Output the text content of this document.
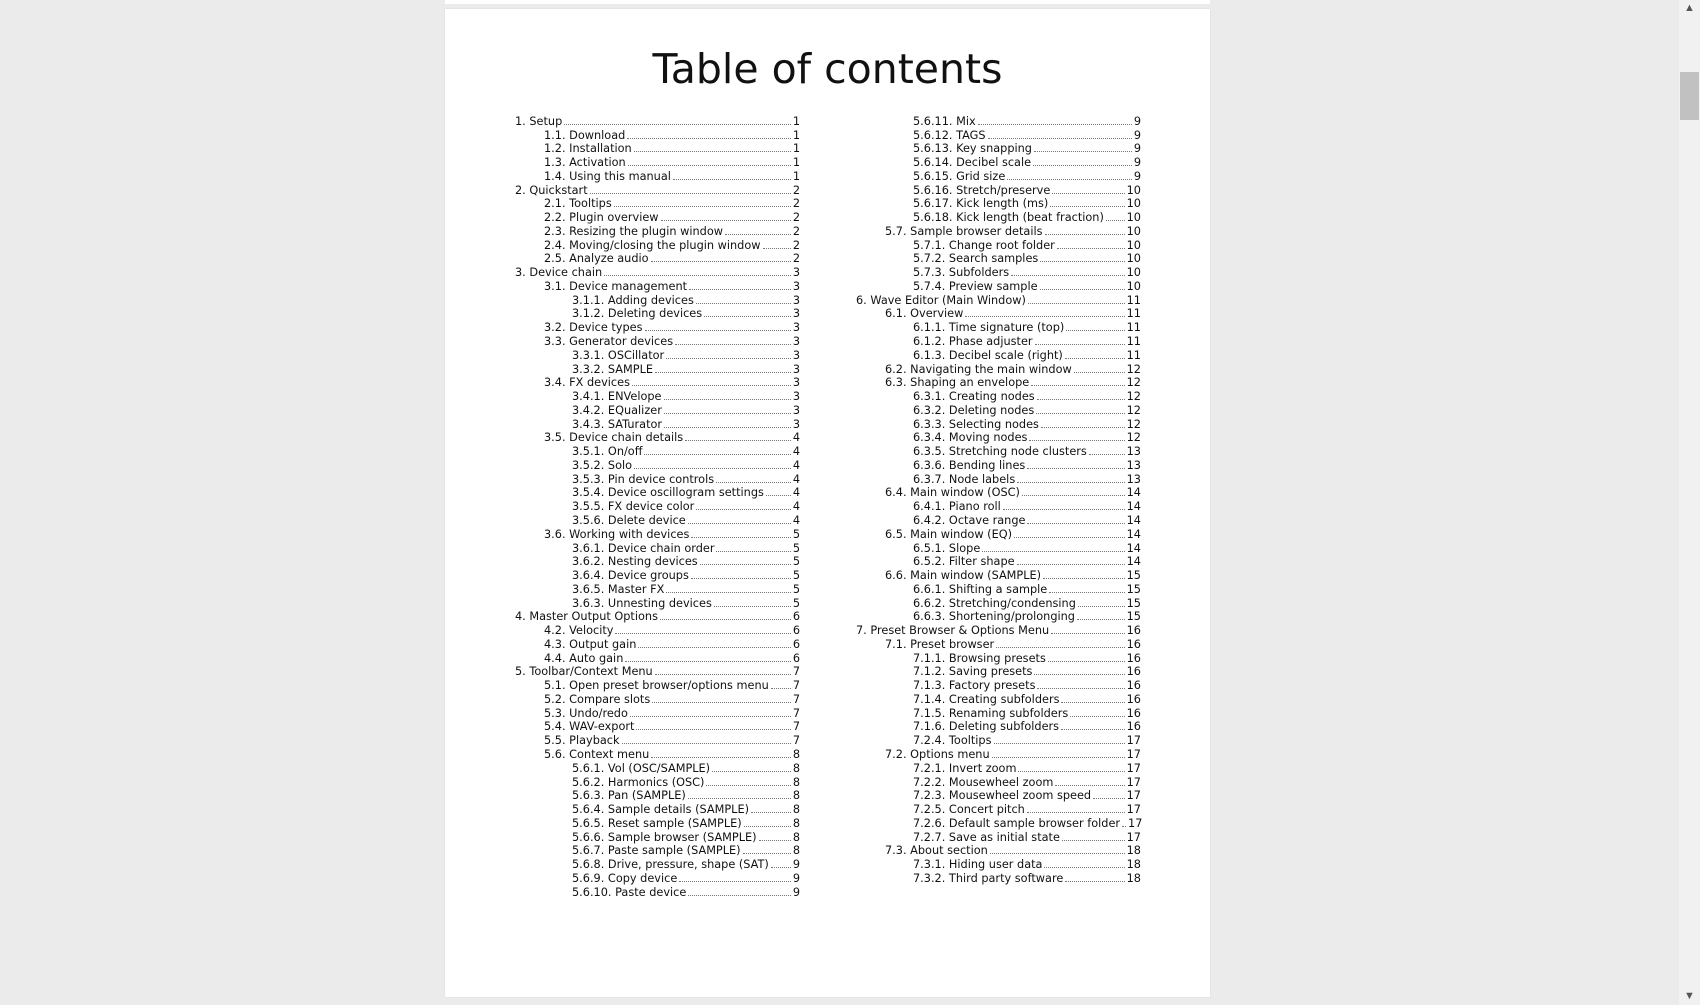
Table of contents
1. Setup	1
1.1. Download	1
1.2. Installation	1
1.3. Activation	1
1.4. Using this manual	1
2. Quickstart	2
2.1. Tooltips	2
2.2. Plugin overview	2
2.3. Resizing the plugin window	2
2.4. Moving/closing the plugin window	2
2.5. Analyze audio	2
3. Device chain	3
3.1. Device management	3
3.1.1. Adding devices	3
3.1.2. Deleting devices	3
3.2. Device types	3
3.3. Generator devices	3
3.3.1. OSCillator	3
3.3.2. SAMPLE	3
3.4. FX devices	3
3.4.1. ENVelope	3
3.4.2. EQualizer	3
3.4.3. SATurator	3
3.5. Device chain details	4
3.5.1. On/off	4
3.5.2. Solo	4
3.5.3. Pin device controls	4
3.5.4. Device oscillogram settings	4
3.5.5. FX device color	4
3.5.6. Delete device	4
3.6. Working with devices	5
3.6.1. Device chain order	5
3.6.2. Nesting devices	5
3.6.4. Device groups	5
3.6.5. Master FX	5
3.6.3. Unnesting devices	5
4. Master Output Options	6
4.2. Velocity	6
4.3. Output gain	6
4.4. Auto gain	6
5. Toolbar/Context Menu	7
5.1. Open preset browser/options menu 7
5.2. Compare slots	7
5.3. Undo/redo	7
5.4. WAV-export	7
5.5. Playback	7
5.6. Context menu	8
5.6.1. Vol (OSC/SAMPLE)	8
5.6.2. Harmonics (OSC)	8
5.6.3. Pan (SAMPLE)	8
5.6.4. Sample details (SAMPLE)	8
5.6.5. Reset sample (SAMPLE)	8
5.6.6. Sample browser (SAMPLE)	8
5.6.7. Paste sample (SAMPLE)	8
5.6.8. Drive, pressure, shape (SAT) 9
5.6.9. Copy device	9
5.6.10. Paste device	9
5.6.11. Mix	9
5.6.12. TAGS	9
5.6.13. Key snapping	9
5.6.14. Decibel scale	9
5.6.15. Grid size	9
5.6.16. Stretch/preserve	10
5.6.17. Kick length (ms)	10
5.6.18. Kick length (beat fraction) 10
5.7. Sample browser details	10
5.7.1. Change root folder	10
5.7.2. Search samples	10
5.7.3. Subfolders	10
5.7.4. Preview sample	10
6. Wave Editor (Main Window)	11
6.1. Overview	11
6.1.1. Time signature (top)	11
6.1.2. Phase adjuster	11
6.1.3. Decibel scale (right)	11
6.2. Navigating the main window	12
6.3. Shaping an envelope	12
6.3.1. Creating nodes	12
6.3.2. Deleting nodes	12
6.3.3. Selecting nodes	12
6.3.4. Moving nodes	12
6.3.5. Stretching node clusters	13
6.3.6. Bending lines	13
6.3.7. Node labels	13
6.4. Main window (OSC)	14
6.4.1. Piano roll	14
6.4.2. Octave range	14
6.5. Main window (EQ)	14
6.5.1. Slope	14
6.5.2. Filter shape	14
6.6. Main window (SAMPLE)	15
6.6.1. Shifting a sample	15
6.6.2. Stretching/condensing	15
6.6.3. Shortening/prolonging	15
7. Preset Browser & Options Menu	16
7.1. Preset browser	16
7.1.1. Browsing presets	16
7.1.2. Saving presets	16
7.1.3. Factory presets	16
7.1.4. Creating subfolders	16
7.1.5. Renaming subfolders	16
7.1.6. Deleting subfolders	16
7.2.4. Tooltips	17
7.2. Options menu	17
7.2.1. Invert zoom	17
7.2.2. Mousewheel zoom	17
7.2.3. Mousewheel zoom speed	17
7.2.5. Concert pitch	17
7.2.6. Default sample browser folder 17
7.2.7. Save as initial state	17
7.3. About section	18
7.3.1. Hiding user data	18
7.3.2. Third party software	18
▲
▼
